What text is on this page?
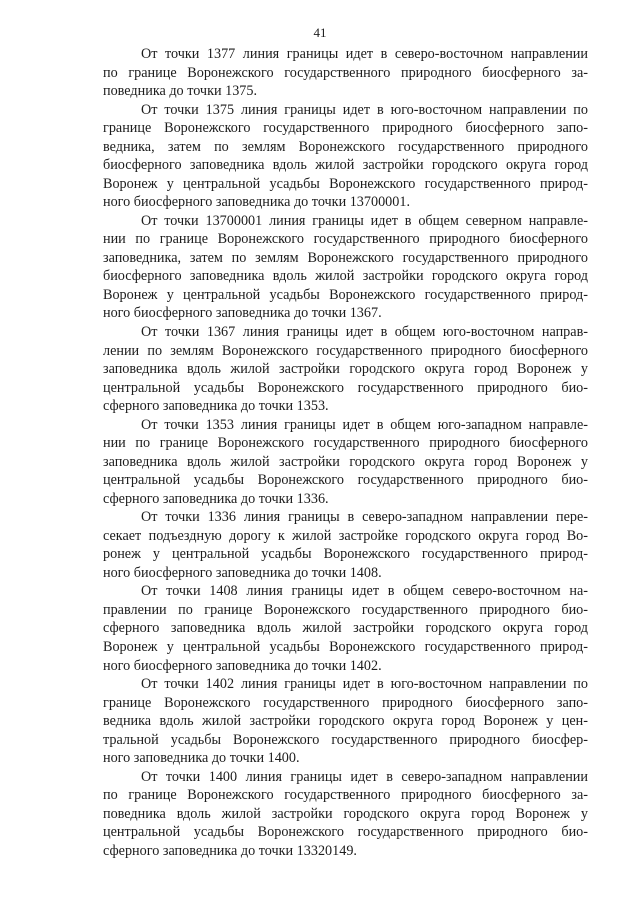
41
От точки 1377 линия границы идет в северо-восточном направлении
по границе Воронежского государственного природного биосферного за-
поведника до точки 1375.
От точки 1375 линия границы идет в юго-восточном направлении по
границе Воронежского государственного природного биосферного запо-
ведника, затем по землям Воронежского государственного природного
биосферного заповедника вдоль жилой застройки городского округа город
Воронеж у центральной усадьбы Воронежского государственного природ-
ного биосферного заповедника до точки 13700001.
От точки 13700001 линия границы идет в общем северном направле-
нии по границе Воронежского государственного природного биосферного
заповедника, затем по землям Воронежского государственного природного
биосферного заповедника вдоль жилой застройки городского округа город
Воронеж у центральной усадьбы Воронежского государственного природ-
ного биосферного заповедника до точки 1367.
От точки 1367 линия границы идет в общем юго-восточном направ-
лении по землям Воронежского государственного природного биосферного
заповедника вдоль жилой застройки городского округа город Воронеж у
центральной усадьбы Воронежского государственного природного био-
сферного заповедника до точки 1353.
От точки 1353 линия границы идет в общем юго-западном направле-
нии по границе Воронежского государственного природного биосферного
заповедника вдоль жилой застройки городского округа город Воронеж у
центральной усадьбы Воронежского государственного природного био-
сферного заповедника до точки 1336.
От точки 1336 линия границы в северо-западном направлении пере-
секает подъездную дорогу к жилой застройке городского округа город Во-
ронеж у центральной усадьбы Воронежского государственного природ-
ного биосферного заповедника до точки 1408.
От точки 1408 линия границы идет в общем северо-восточном на-
правлении по границе Воронежского государственного природного био-
сферного заповедника вдоль жилой застройки городского округа город
Воронеж у центральной усадьбы Воронежского государственного природ-
ного биосферного заповедника до точки 1402.
От точки 1402 линия границы идет в юго-восточном направлении по
границе Воронежского государственного природного биосферного запо-
ведника вдоль жилой застройки городского округа город Воронеж у цен-
тральной усадьбы Воронежского государственного природного биосфер-
ного заповедника до точки 1400.
От точки 1400 линия границы идет в северо-западном направлении
по границе Воронежского государственного природного биосферного за-
поведника вдоль жилой застройки городского округа город Воронеж у
центральной усадьбы Воронежского государственного природного био-
сферного заповедника до точки 13320149.
